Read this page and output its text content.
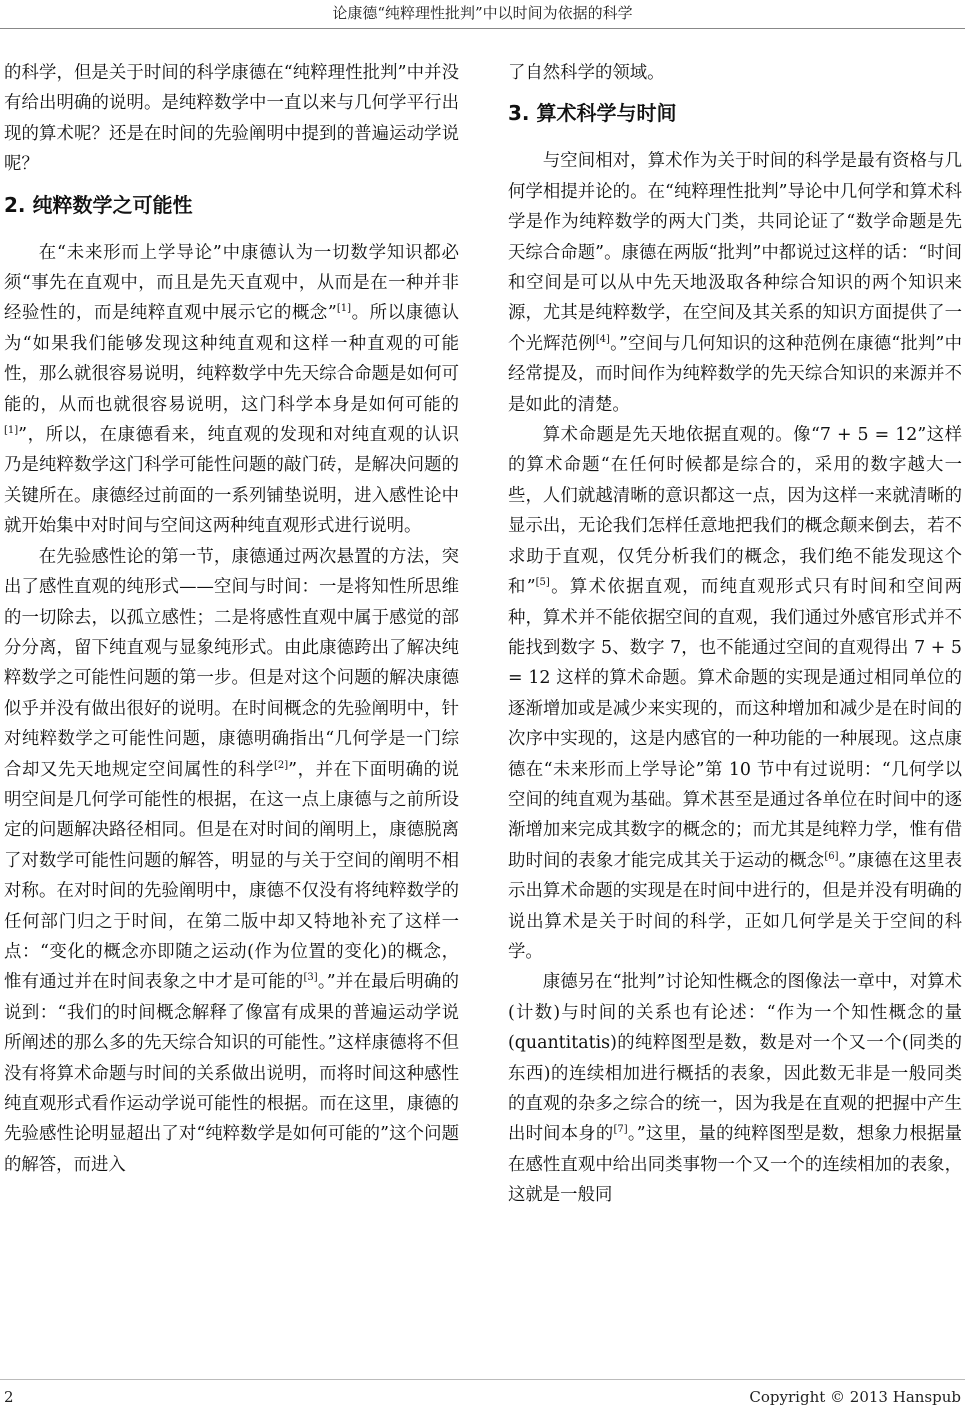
论康德“纯粹理性批判”中以时间为依据的科学

的科学，但是关于时间的科学康德在“纯粹理性批判”中并没有给出明确的说明。是纯粹数学中一直以来与几何学平行出现的算术呢？还是在时间的先验阐明中提到的普遍运动学说呢？

2. 纯粹数学之可能性

在“未来形而上学导论”中康德认为一切数学知识都必须“事先在直观中，而且是先天直观中，从而是在一种并非经验性的，而是纯粹直观中展示它的概念”[1]。所以康德认为“如果我们能够发现这种纯直观和这样一种直观的可能性，那么就很容易说明，纯粹数学中先天综合命题是如何可能的，从而也就很容易说明，这门科学本身是如何可能的[1]”，所以，在康德看来，纯直观的发现和对纯直观的认识乃是纯粹数学这门科学可能性问题的敲门砖，是解决问题的关键所在。康德经过前面的一系列铺垫说明，进入感性论中就开始集中对时间与空间这两种纯直观形式进行说明。

在先验感性论的第一节，康德通过两次悬置的方法，突出了感性直观的纯形式——空间与时间：一是将知性所思维的一切除去，以孤立感性；二是将感性直观中属于感觉的部分分离，留下纯直观与显象纯形式。由此康德跨出了解决纯粹数学之可能性问题的第一步。但是对这个问题的解决康德似乎并没有做出很好的说明。在时间概念的先验阐明中，针对纯粹数学之可能性问题，康德明确指出“几何学是一门综合却又先天地规定空间属性的科学[2]”，并在下面明确的说明空间是几何学可能性的根据，在这一点上康德与之前所设定的问题解决路径相同。但是在对时间的阐明上，康德脱离了对数学可能性问题的解答，明显的与关于空间的阐明不相对称。在对时间的先验阐明中，康德不仅没有将纯粹数学的任何部门归之于时间，在第二版中却又特地补充了这样一点：“变化的概念亦即随之运动(作为位置的变化)的概念，惟有通过并在时间表象之中才是可能的[3]。”并在最后明确的说到：“我们的时间概念解释了像富有成果的普遍运动学说所阐述的那么多的先天综合知识的可能性。”这样康德将不但没有将算术命题与时间的关系做出说明，而将时间这种感性纯直观形式看作运动学说可能性的根据。而在这里，康德的先验感性论明显超出了对“纯粹数学是如何可能的”这个问题的解答，而进入

了自然科学的领域。

3. 算术科学与时间

与空间相对，算术作为关于时间的科学是最有资格与几何学相提并论的。在“纯粹理性批判”导论中几何学和算术科学是作为纯粹数学的两大门类，共同论证了“数学命题是先天综合命题”。康德在两版“批判”中都说过这样的话：“时间和空间是可以从中先天地汲取各种综合知识的两个知识来源，尤其是纯粹数学，在空间及其关系的知识方面提供了一个光辉范例[4]。”空间与几何知识的这种范例在康德“批判”中经常提及，而时间作为纯粹数学的先天综合知识的来源并不是如此的清楚。

算术命题是先天地依据直观的。像“7 + 5 = 12”这样的算术命题“在任何时候都是综合的，采用的数字越大一些，人们就越清晰的意识都这一点，因为这样一来就清晰的显示出，无论我们怎样任意地把我们的概念颠来倒去，若不求助于直观，仅凭分析我们的概念，我们绝不能发现这个和”[5]。算术依据直观，而纯直观形式只有时间和空间两种，算术并不能依据空间的直观，我们通过外感官形式并不能找到数字 5、数字 7，也不能通过空间的直观得出 7 + 5 = 12 这样的算术命题。算术命题的实现是通过相同单位的逐渐增加或是减少来实现的，而这种增加和减少是在时间的次序中实现的，这是内感官的一种功能的一种展现。这点康德在“未来形而上学导论”第 10 节中有过说明：“几何学以空间的纯直观为基础。算术甚至是通过各单位在时间中的逐渐增加来完成其数字的概念的；而尤其是纯粹力学，惟有借助时间的表象才能完成其关于运动的概念[6]。”康德在这里表示出算术命题的实现是在时间中进行的，但是并没有明确的说出算术是关于时间的科学，正如几何学是关于空间的科学。

康德另在“批判”讨论知性概念的图像法一章中，对算术(计数)与时间的关系也有论述：“作为一个知性概念的量(quantitatis)的纯粹图型是数，数是对一个又一个(同类的东西)的连续相加进行概括的表象，因此数无非是一般同类的直观的杂多之综合的统一，因为我是在直观的把握中产生出时间本身的[7]。”这里，量的纯粹图型是数，想象力根据量在感性直观中给出同类事物一个又一个的连续相加的表象，这就是一般同

2	Copyright © 2013 Hanspub
